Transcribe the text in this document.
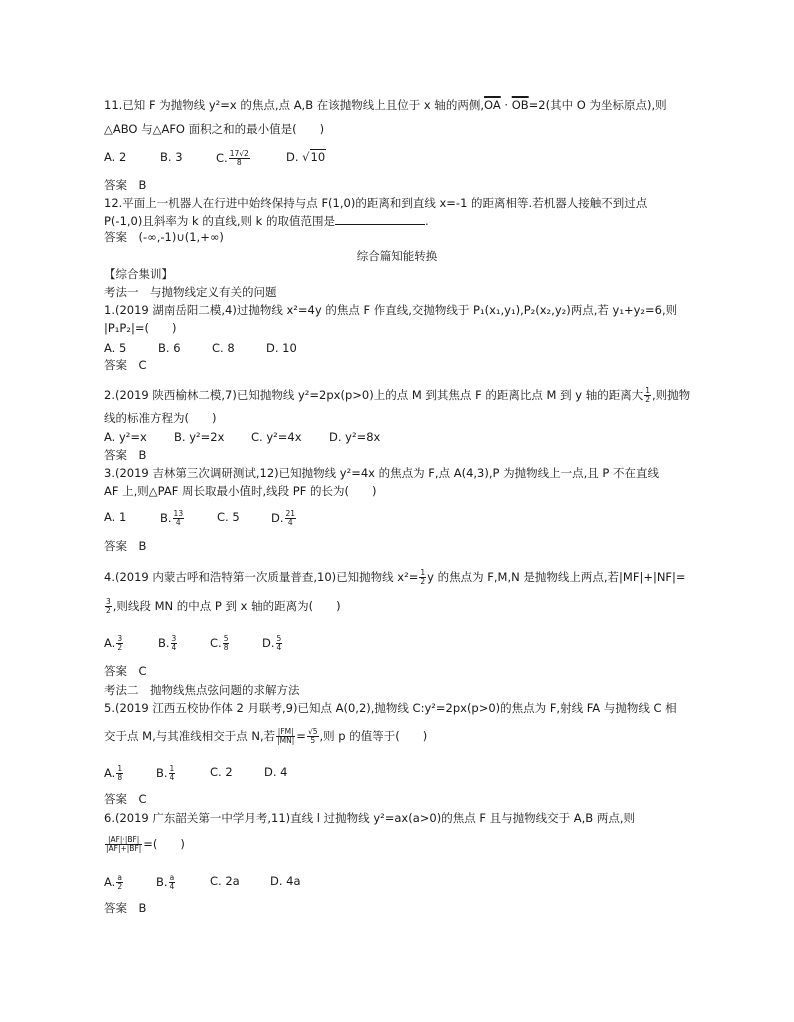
11.已知 F 为抛物线 y²=x 的焦点,点 A,B 在该抛物线上且位于 x 轴的两侧$,\overline{OA} \cdot \overline{OB}=2$(其中 O 为坐标原点),则
△ABO 与△AFO 面积之和的最小值是(　　)
A. 2	B. 3	C. $\frac{17√2}{8}$	D. √10
答案　B
12.平面上一机器人在行进中始终保持与点 F(1,0)的距离和到直线 x=-1 的距离相等.若机器人接触不到过点
P(-1,0)且斜率为 k 的直线,则 k 的取值范围是	.
答案　(-∞,-1)∪(1,+∞)
综合篇知能转换
【综合集训】
考法一　与抛物线定义有关的问题
1.(2019 湖南岳阳二模,4)过抛物线 x²=4y 的焦点 F 作直线,交抛物线于 P₁(x₁,y₁),P₂(x₂,y₂)两点,若 y₁+y₂=6,则
|P₁P₂|=(　　)
A. 5	B. 6	C. 8	D. 10
答案　C
2.(2019 陕西榆林二模,7)已知抛物线 y²=2px(p>0)上的点 M 到其焦点 F 的距离比点 M 到 y 轴的距离大 $\frac{1}{2}$ ,则抛物
线的标准方程为(　　)
A. y²=x	B. y²=2x	C. y²=4x	D. y²=8x
答案　B
3.(2019 吉林第三次调研测试,12)已知抛物线 y²=4x 的焦点为 F,点 A(4,3),P 为抛物线上一点,且 P 不在直线
AF 上,则△PAF 周长取最小值时,线段 PF 的长为(　　)
A. 1	B. $\frac{13}{4}$	C. 5	D. $\frac{21}{4}$
答案　B
4.(2019 内蒙古呼和浩特第一次质量普查,10)已知抛物线 $x^2= \frac{1}{2}$ y 的焦点为 F,M,N 是抛物线上两点,若|MF|+|NF|=
$\frac{3}{2}$ ,则线段 MN 的中点 P 到 x 轴的距离为(　　)
A. $\frac{3}{2}$	B. $\frac{3}{4}$	C. $\frac{5}{8}$	D. $\frac{5}{4}$
答案　C
考法二　抛物线焦点弦问题的求解方法
5.(2019 江西五校协作体 2 月联考,9)已知点 A(0,2),抛物线 C:y²=2px(p>0)的焦点为 F,射线 FA 与抛物线 C 相
交于点 M,与其准线相交于点 N,若 $\frac{|FM|}{|MN|} = \frac{√5}{5}$ ,则 p 的值等于(　　)
A. $\frac{1}{8}$	B. $\frac{1}{4}$	C. 2	D. 4
答案　C
6.(2019 广东韶关第一中学月考,11)直线 l 过抛物线 y²=ax(a>0)的焦点 F 且与抛物线交于 A,B 两点,则
$\frac{|AF|\cdot|BF|}{|AF|+|BF|}$ =(　　)
A. $\frac{a}{2}$	B. $\frac{a}{4}$	C. 2a	D. 4a
答案　B
